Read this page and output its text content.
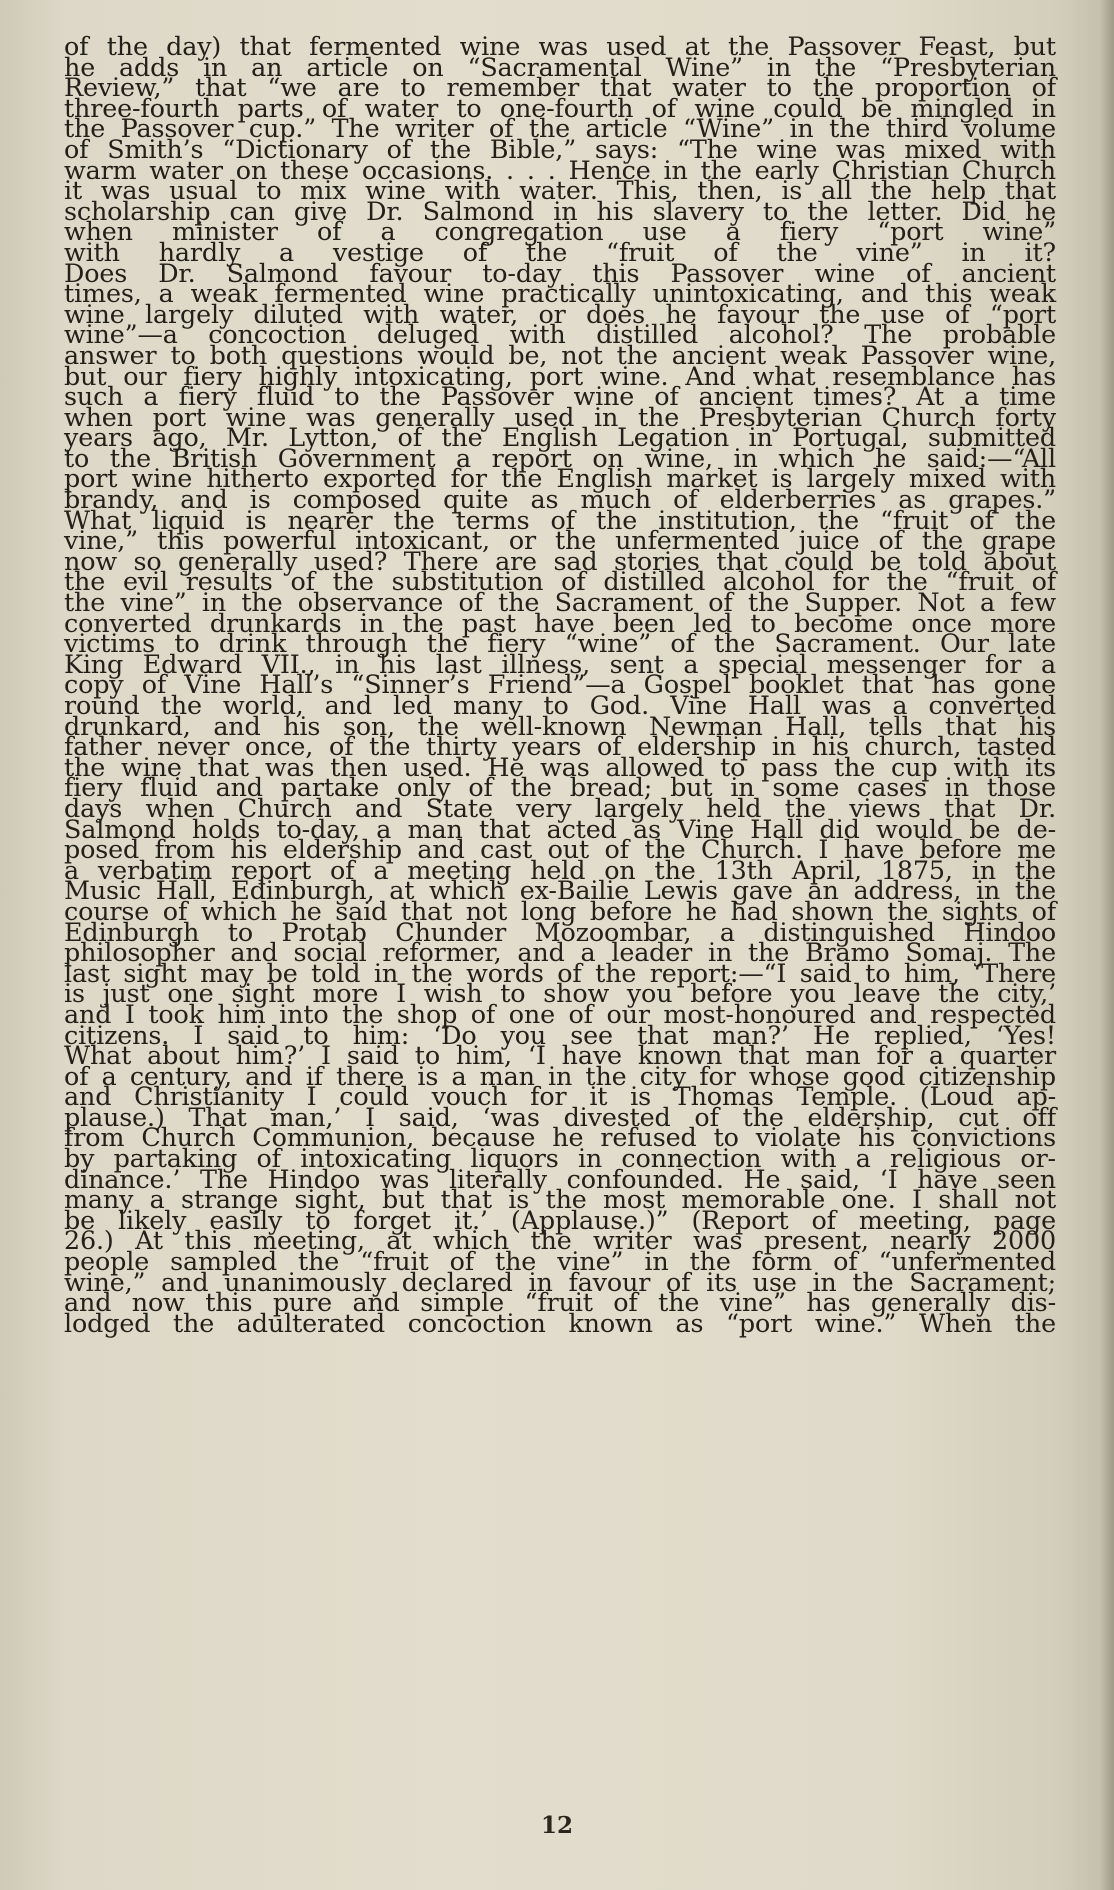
of the day) that fermented wine was used at the Passover Feast, but
he adds in an article on “Sacramental Wine” in the “Presbyterian
Review,” that “we are to remember that water to the proportion of
three-fourth parts of water to one-fourth of wine could be mingled in
the Passover cup.” The writer of the article “Wine” in the third volume
of Smith’s “Dictionary of the Bible,” says: “The wine was mixed with
warm water on these occasions. . . . Hence in the early Christian Church
it was usual to mix wine with water. This, then, is all the help that
scholarship can give Dr. Salmond in his slavery to the letter. Did he
when minister of a congregation use a fiery “port wine”
with hardly a vestige of the “fruit of the vine” in it?
Does Dr. Salmond favour to-day this Passover wine of ancient
times, a weak fermented wine practically unintoxicating, and this weak
wine largely diluted with water, or does he favour the use of “port
wine”—a concoction deluged with distilled alcohol? The probable
answer to both questions would be, not the ancient weak Passover wine,
but our fiery highly intoxicating, port wine. And what resemblance has
such a fiery fluid to the Passover wine of ancient times? At a time
when port wine was generally used in the Presbyterian Church forty
years ago, Mr. Lytton, of the English Legation in Portugal, submitted
to the British Government a report on wine, in which he said:—“All
port wine hitherto exported for the English market is largely mixed with
brandy, and is composed quite as much of elderberries as grapes.”
What liquid is nearer the terms of the institution, the “fruit of the
vine,” this powerful intoxicant, or the unfermented juice of the grape
now so generally used? There are sad stories that could be told about
the evil results of the substitution of distilled alcohol for the “fruit of
the vine” in the observance of the Sacrament of the Supper. Not a few
converted drunkards in the past have been led to become once more
victims to drink through the fiery “wine” of the Sacrament. Our late
King Edward VII., in his last illness, sent a special messenger for a
copy of Vine Hall’s “Sinner’s Friend”—a Gospel booklet that has gone
round the world, and led many to God. Vine Hall was a converted
drunkard, and his son, the well-known Newman Hall, tells that his
father never once, of the thirty years of eldership in his church, tasted
the wine that was then used. He was allowed to pass the cup with its
fiery fluid and partake only of the bread; but in some cases in those
days when Church and State very largely held the views that Dr.
Salmond holds to-day, a man that acted as Vine Hall did would be de-
posed from his eldership and cast out of the Church. I have before me
a verbatim report of a meeting held on the 13th April, 1875, in the
Music Hall, Edinburgh, at which ex-Bailie Lewis gave an address, in the
course of which he said that not long before he had shown the sights of
Edinburgh to Protab Chunder Mozoombar, a distinguished Hindoo
philosopher and social reformer, and a leader in the Bramo Somaj. The
last sight may be told in the words of the report:—“I said to him, ‘There
is just one sight more I wish to show you before you leave the city,’
and I took him into the shop of one of our most-honoured and respected
citizens. I said to him: ‘Do you see that man?’ He replied, ‘Yes!
What about him?’ I said to him, ‘I have known that man for a quarter
of a century, and if there is a man in the city for whose good citizenship
and Christianity I could vouch for it is Thomas Temple. (Loud ap-
plause.) That man,’ I said, ‘was divested of the eldership, cut off
from Church Communion, because he refused to violate his convictions
by partaking of intoxicating liquors in connection with a religious or-
dinance.’ The Hindoo was literally confounded. He said, ‘I have seen
many a strange sight, but that is the most memorable one. I shall not
be likely easily to forget it.’ (Applause.)” (Report of meeting, page
26.) At this meeting, at which the writer was present, nearly 2000
people sampled the “fruit of the vine” in the form of “unfermented
wine,” and unanimously declared in favour of its use in the Sacrament;
and now this pure and simple “fruit of the vine” has generally dis-
lodged the adulterated concoction known as “port wine.” When the

12
